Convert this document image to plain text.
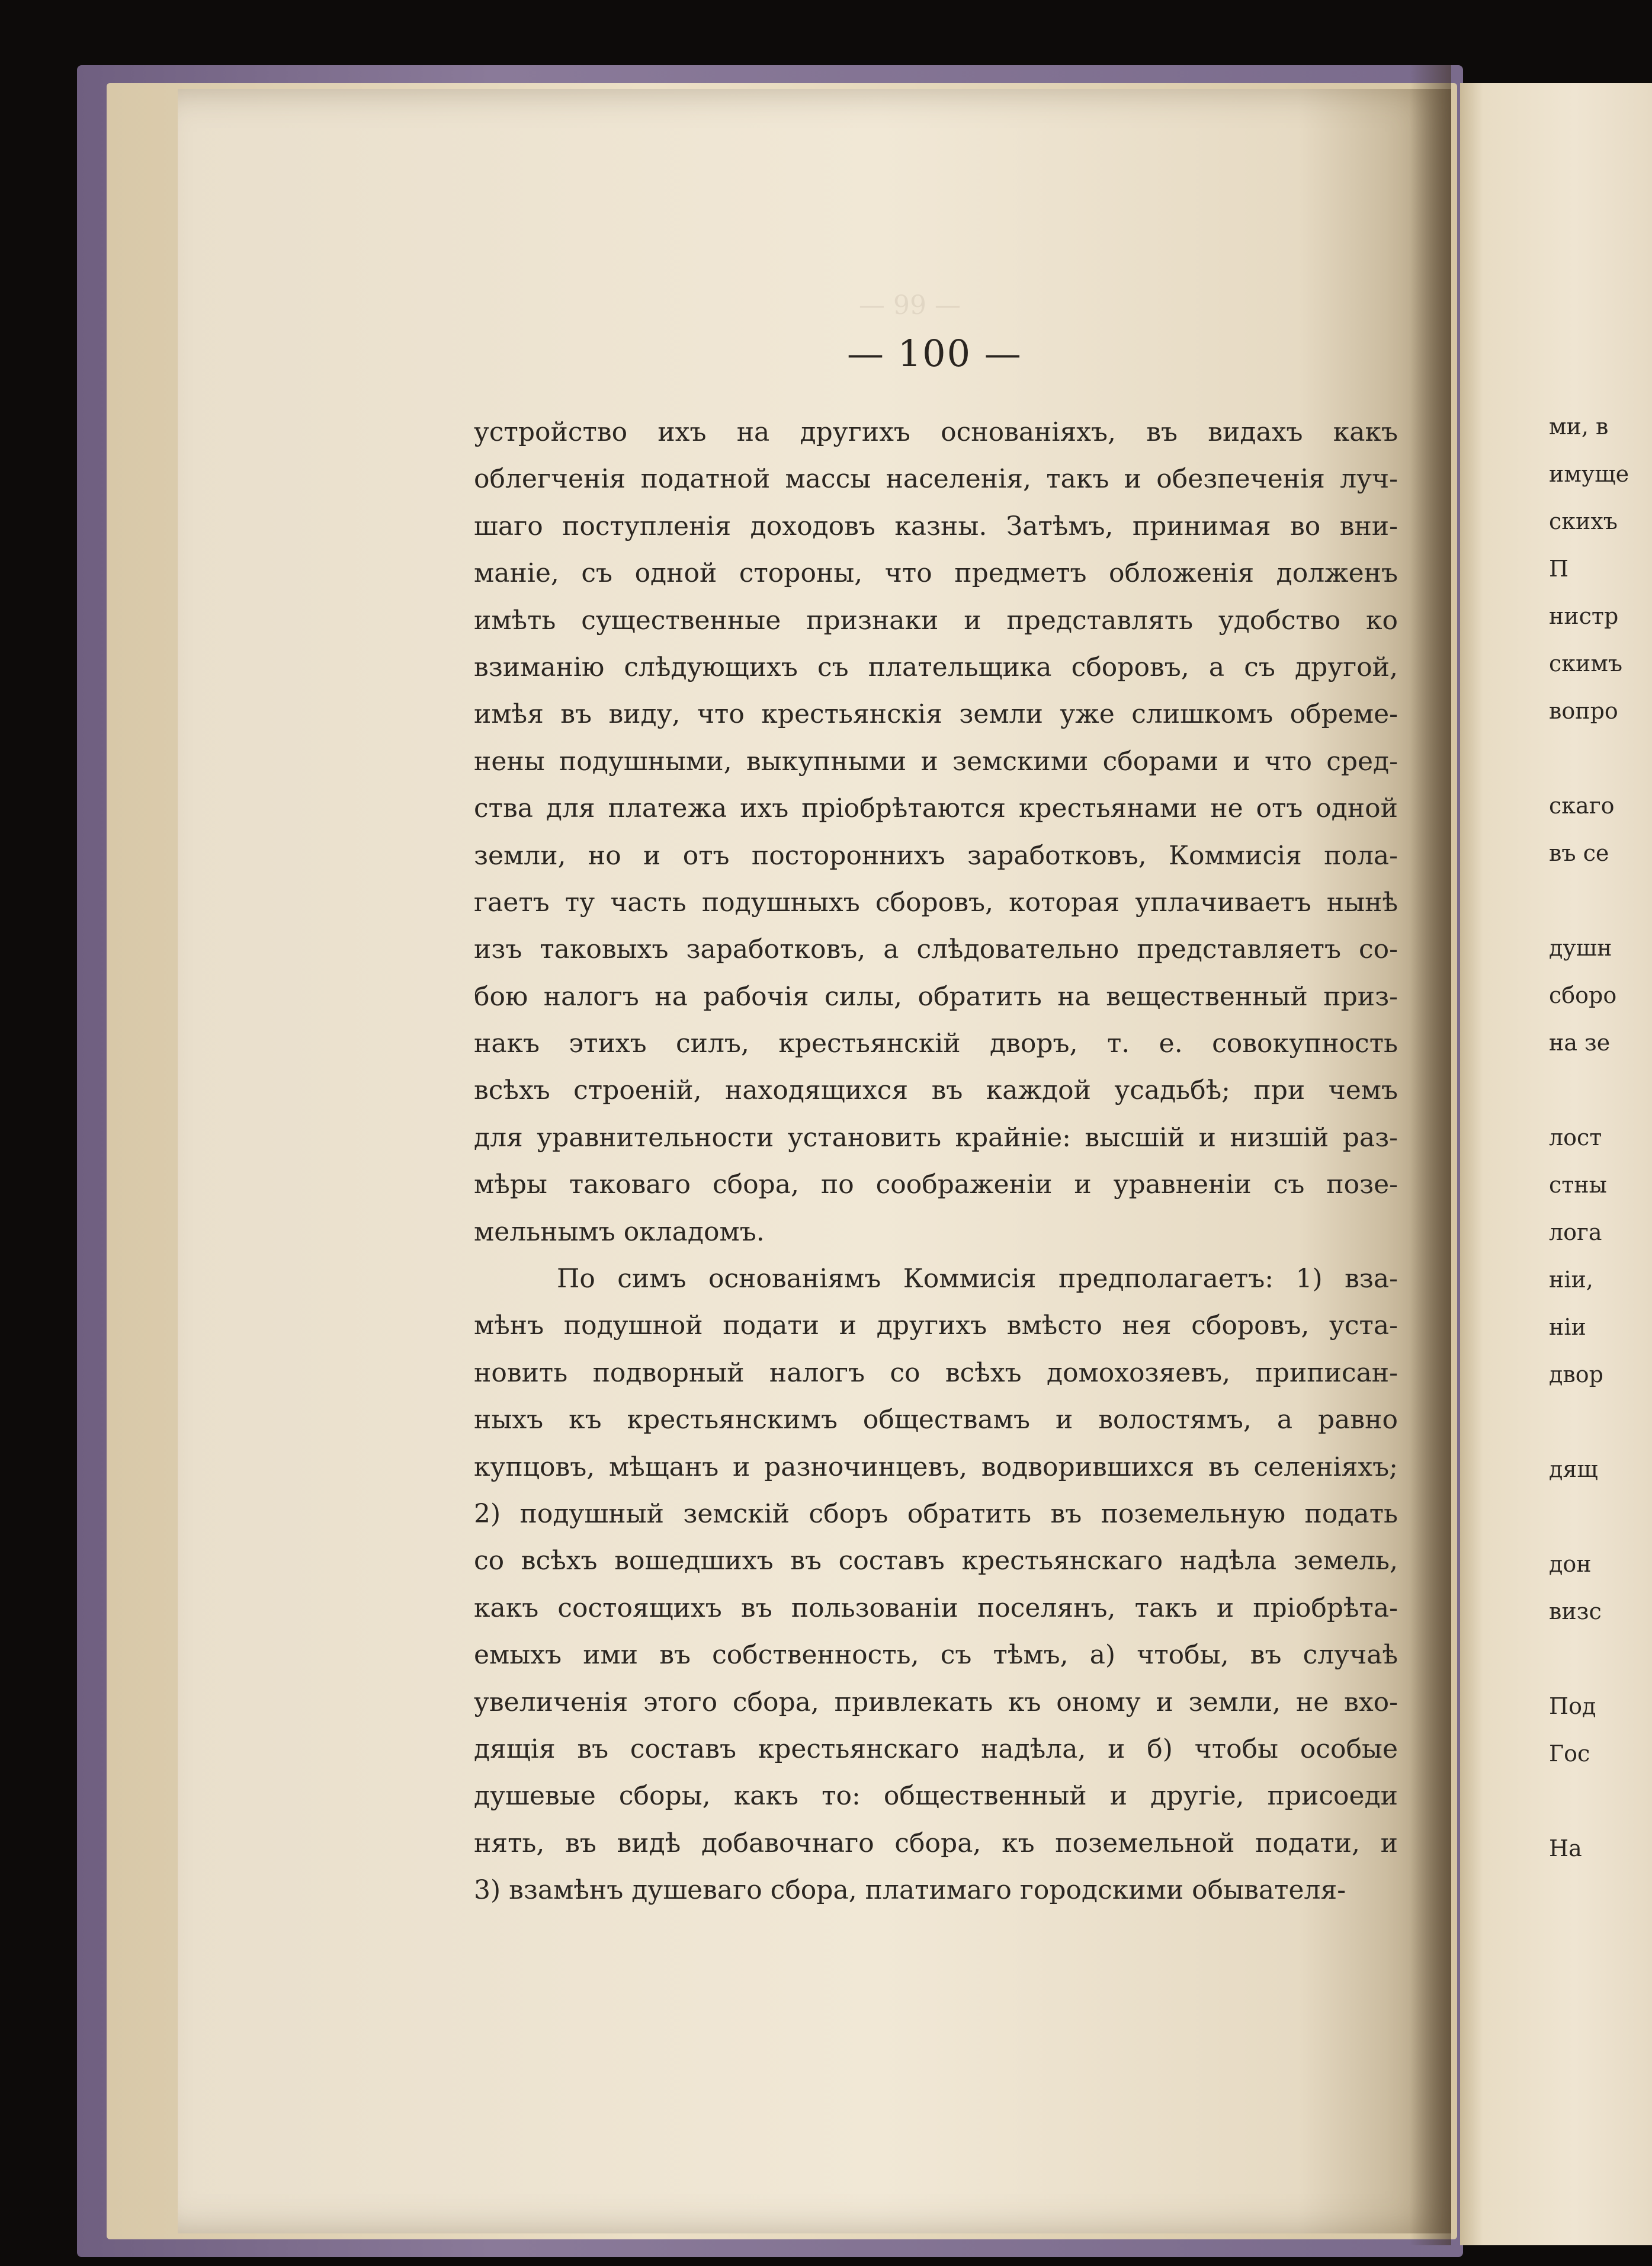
— 99 —
— 100 —
устройство ихъ на другихъ основаніяхъ, въ видахъ какъ
облегченія податной массы населенія, такъ и обезпеченія луч-
шаго поступленія доходовъ казны. Затѣмъ, принимая во вни-
маніе, съ одной стороны, что предметъ обложенія долженъ
имѣть существенные признаки и представлять удобство ко
взиманію слѣдующихъ съ плательщика сборовъ, а съ другой,
имѣя въ виду, что крестьянскія земли уже слишкомъ обреме-
нены подушными, выкупными и земскими сборами и что сред-
ства для платежа ихъ пріобрѣтаются крестьянами не отъ одной
земли, но и отъ постороннихъ заработковъ, Коммисія пола-
гаетъ ту часть подушныхъ сборовъ, которая уплачиваетъ нынѣ
изъ таковыхъ заработковъ, а слѣдовательно представляетъ со-
бою налогъ на рабочія силы, обратить на вещественный приз-
накъ этихъ силъ, крестьянскій дворъ, т. е. совокупность
всѣхъ строеній, находящихся въ каждой усадьбѣ; при чемъ
для уравнительности установить крайніе: высшій и низшій раз-
мѣры таковаго сбора, по соображеніи и уравненіи съ позе-
мельнымъ окладомъ.
По симъ основаніямъ Коммисія предполагаетъ: 1) вза-
мѣнъ подушной подати и другихъ вмѣсто нея сборовъ, уста-
новить подворный налогъ со всѣхъ домохозяевъ, приписан-
ныхъ къ крестьянскимъ обществамъ и волостямъ, а равно
купцовъ, мѣщанъ и разночинцевъ, водворившихся въ селеніяхъ;
2) подушный земскій сборъ обратить въ поземельную подать
со всѣхъ вошедшихъ въ составъ крестьянскаго надѣла земель,
какъ состоящихъ въ пользованіи поселянъ, такъ и пріобрѣта-
емыхъ ими въ собственность, съ тѣмъ, а) чтобы, въ случаѣ
увеличенія этого сбора, привлекать къ оному и земли, не вхо-
дящія въ составъ крестьянскаго надѣла, и б) чтобы особые
душевые сборы, какъ то: общественный и другіе, присоеди
нять, въ видѣ добавочнаго сбора, къ поземельной подати, и
3) взамѣнъ душеваго сбора, платимаго городскими обывателя-
ми, в
имуще
скихъ
П
нистр
скимъ
вопро

скаго
въ се

душн
сборо
на зе

лост
стны
лога
ніи,
ніи
двор

дящ

дон
визс

Под
Гос

На
